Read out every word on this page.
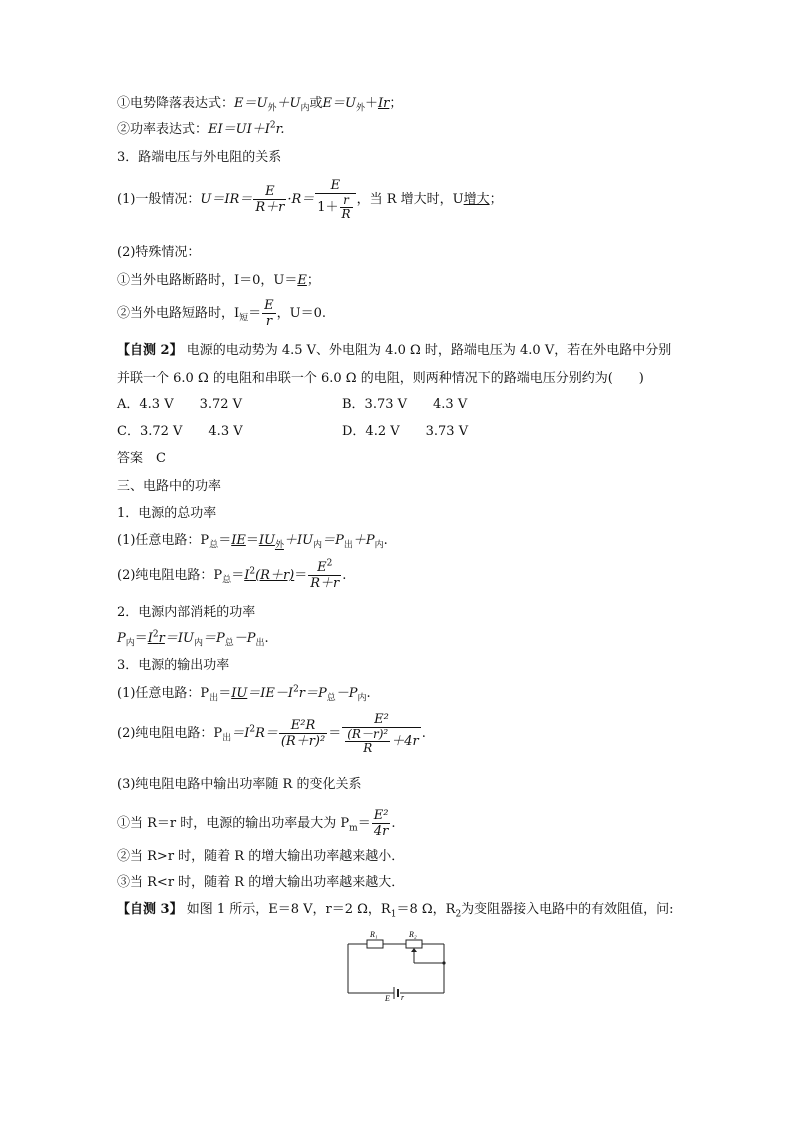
①电势降落表达式：$E=U_外+U_内$或$E=U_外+Ir$；
②功率表达式：$EI=UI+I^2r$.
3．路端电压与外电阻的关系
(1)一般情况：$U=IR= \frac{E}{R+r} \cdot R= \frac{E}{1+ \frac{r}{R}}$ ，当 R 增大时，U增大；
(2)特殊情况：
①当外电路断路时，I＝0，U＝E；
②当外电路短路时，$I_短= \frac{E}{r}$ ，U＝0.
【自测 2】 电源的电动势为 4.5 V、外电阻为 4.0 Ω 时，路端电压为 4.0 V，若在外电路中分别
并联一个 6.0 Ω 的电阻和串联一个 6.0 Ω 的电阻，则两种情况下的路端电压分别约为(　　)
A．4.3 V　　3.72 V	B．3.73 V　　4.3 V
C．3.72 V　　4.3 V	D．4.2 V　　3.73 V
答案　C
三、电路中的功率
1．电源的总功率
(1)任意电路：$P_总=IE=IU_外+IU_内=P_出+P_内$.
(2)纯电阻电路：$P_总=I^2(R+r)= \frac{E^2}{R+r}$ .
2．电源内部消耗的功率
$P_内=I^2r=IU_内=P_总-P_出$.
3．电源的输出功率
(1)任意电路：$P_出=IU=IE-I^2r=P_总-P_内$.
(2)纯电阻电路：$P_出=I^2R= \frac{\text{E²R}}{\text{(R＋r)²}} = \frac{\text{E²}}{\frac{\text{(R－r)²}}{R} +4r}$ .
(3)纯电阻电路中输出功率随 R 的变化关系
①当 R＝r 时，电源的输出功率最大为 $P_m= \frac{\text{E²}}{4r}$ .
②当 R>r 时，随着 R 的增大输出功率越来越小．
③当 R<r 时，随着 R 的增大输出功率越来越大．
【自测 3】 如图 1 所示，E＝8 V，r＝2 Ω，$R_1=8$ Ω，$R_2$为变阻器接入电路中的有效阻值，问:
R₁	R₂
E r
